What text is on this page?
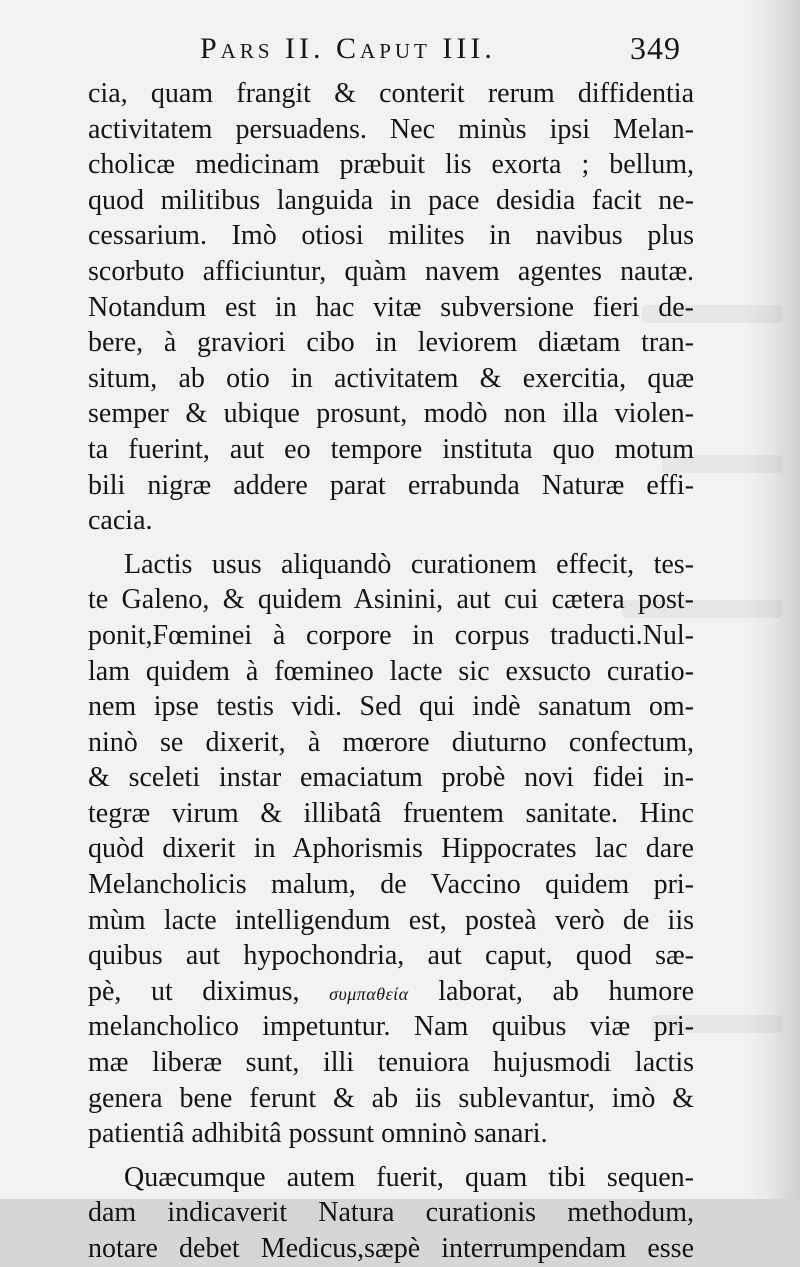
Pars II. Caput III.	349
cia, quam frangit & conterit rerum diffidentia
activitatem persuadens. Nec minùs ipsi Melan-
cholicæ medicinam præbuit lis exorta ; bellum,
quod militibus languida in pace desidia facit ne-
cessarium. Imò otiosi milites in navibus plus
scorbuto afficiuntur, quàm navem agentes nautæ.
Notandum est in hac vitæ subversione fieri de-
bere, à graviori cibo in leviorem diætam tran-
situm, ab otio in activitatem & exercitia, quæ
semper & ubique prosunt, modò non illa violen-
ta fuerint, aut eo tempore instituta quo motum
bili nigræ addere parat errabunda Naturæ effi-
cacia.
Lactis usus aliquandò curationem effecit, tes-
te Galeno, & quidem Asinini, aut cui cætera post-
ponit,Fœminei à corpore in corpus traducti.Nul-
lam quidem à fœmineo lacte sic exsucto curatio-
nem ipse testis vidi. Sed qui indè sanatum om-
ninò se dixerit, à mœrore diuturno confectum,
& sceleti instar emaciatum probè novi fidei in-
tegræ virum & illibatâ fruentem sanitate. Hinc
quòd dixerit in Aphorismis Hippocrates lac dare
Melancholicis malum, de Vaccino quidem pri-
mùm lacte intelligendum est, posteà verò de iis
quibus aut hypochondria, aut caput, quod sæ-
pè, ut diximus, συμπαθεία laborat, ab humore
melancholico impetuntur. Nam quibus viæ pri-
mæ liberæ sunt, illi tenuiora hujusmodi lactis
genera bene ferunt & ab iis sublevantur, imò &
patientiâ adhibitâ possunt omninò sanari.
Quæcumque autem fuerit, quam tibi sequen-
dam indicaverit Natura curationis methodum,
notare debet Medicus,sæpè interrumpendam esse
